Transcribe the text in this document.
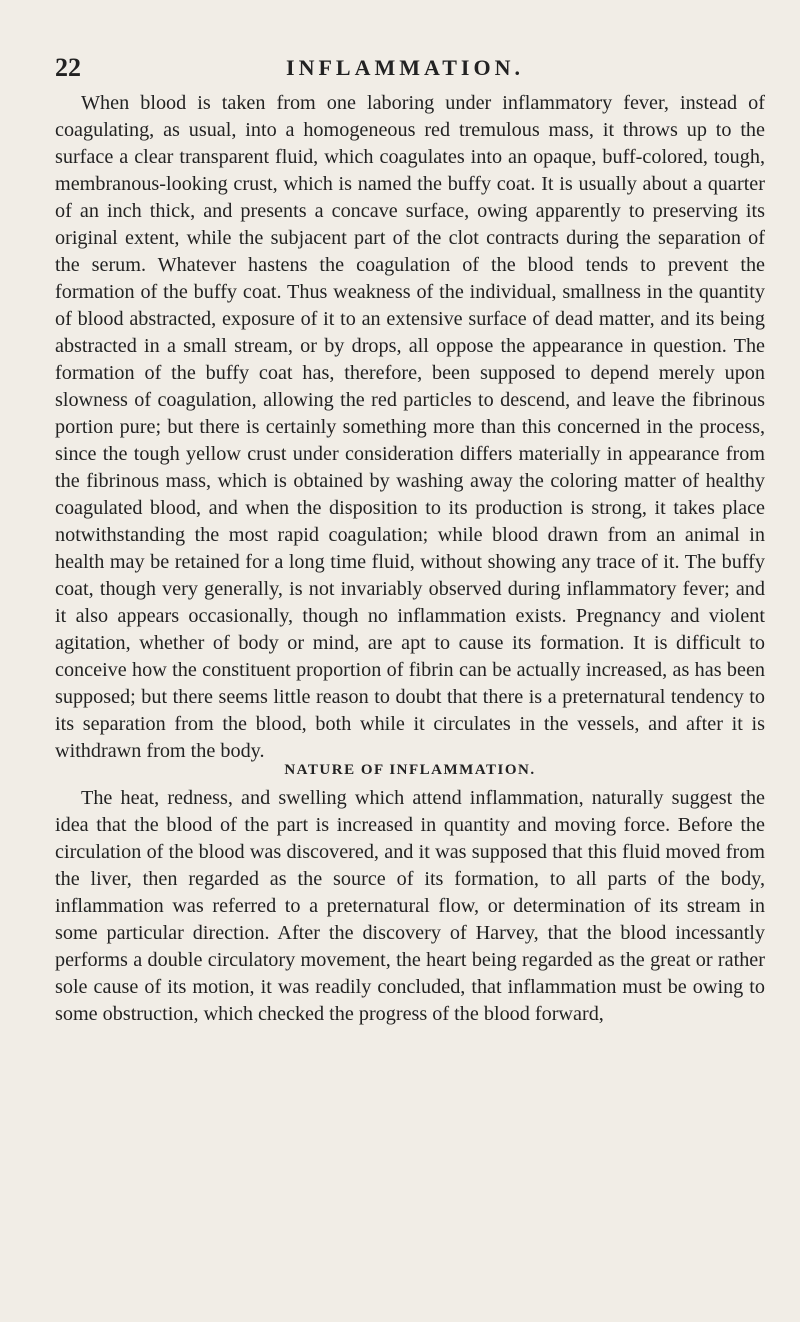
22	INFLAMMATION.

When blood is taken from one laboring under inflammatory fever, instead of coagulating, as usual, into a homogeneous red tremulous mass, it throws up to the surface a clear transparent fluid, which coagulates into an opaque, buff-colored, tough, membranous-looking crust, which is named the buffy coat. It is usually about a quarter of an inch thick, and presents a concave surface, owing apparently to preserving its original extent, while the subjacent part of the clot contracts during the separation of the serum. Whatever hastens the coagulation of the blood tends to prevent the formation of the buffy coat. Thus weakness of the individual, smallness in the quantity of blood abstracted, exposure of it to an extensive surface of dead matter, and its being abstracted in a small stream, or by drops, all oppose the appearance in question. The formation of the buffy coat has, therefore, been supposed to depend merely upon slowness of coagulation, allowing the red particles to descend, and leave the fibrinous portion pure; but there is certainly something more than this concerned in the process, since the tough yellow crust under consideration differs materially in appearance from the fibrinous mass, which is obtained by washing away the coloring matter of healthy coagulated blood, and when the disposition to its production is strong, it takes place notwithstanding the most rapid coagulation; while blood drawn from an animal in health may be retained for a long time fluid, without showing any trace of it. The buffy coat, though very generally, is not invariably observed during inflammatory fever; and it also appears occasionally, though no inflammation exists. Pregnancy and violent agitation, whether of body or mind, are apt to cause its formation. It is difficult to conceive how the constituent proportion of fibrin can be actually increased, as has been supposed; but there seems little reason to doubt that there is a preternatural tendency to its separation from the blood, both while it circulates in the vessels, and after it is withdrawn from the body.

NATURE OF INFLAMMATION.

The heat, redness, and swelling which attend inflammation, naturally suggest the idea that the blood of the part is increased in quantity and moving force. Before the circulation of the blood was discovered, and it was supposed that this fluid moved from the liver, then regarded as the source of its formation, to all parts of the body, inflammation was referred to a preternatural flow, or determination of its stream in some particular direction. After the discovery of Harvey, that the blood incessantly performs a double circulatory movement, the heart being regarded as the great or rather sole cause of its motion, it was readily concluded, that inflammation must be owing to some obstruction, which checked the progress of the blood forward,
